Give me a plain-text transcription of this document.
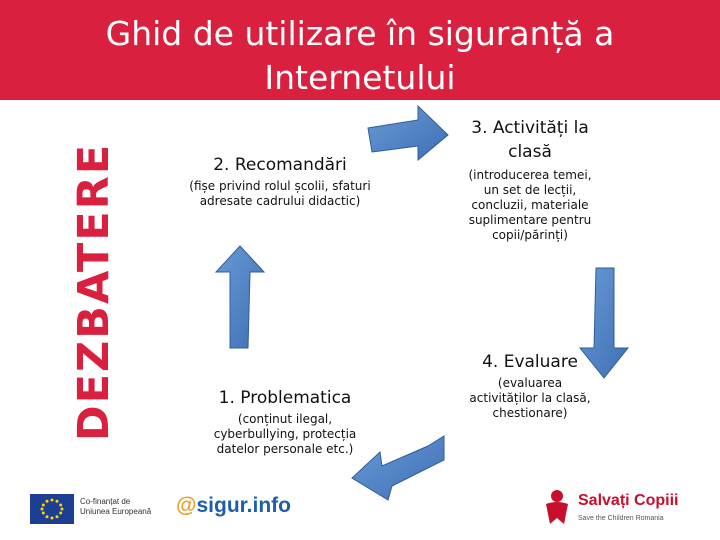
Ghid de utilizare în siguranță a
Internetului
DEZBATERE	2. Recomandări
(fișe privind rolul școlii, sfaturi
adresate cadrului didactic)
3. Activități la
clasă
(introducerea temei,
un set de lecții,
concluzii, materiale
suplimentare pentru
copii/părinți)
4. Evaluare
(evaluarea
activităților la clasă,
chestionare)
1. Problematica
(conținut ilegal,
cyberbullying, protecția
datelor personale etc.)
Co-finanțat de
Uniunea Europeană @sigur.info	Salvați Copiii
Save the Children Romania
